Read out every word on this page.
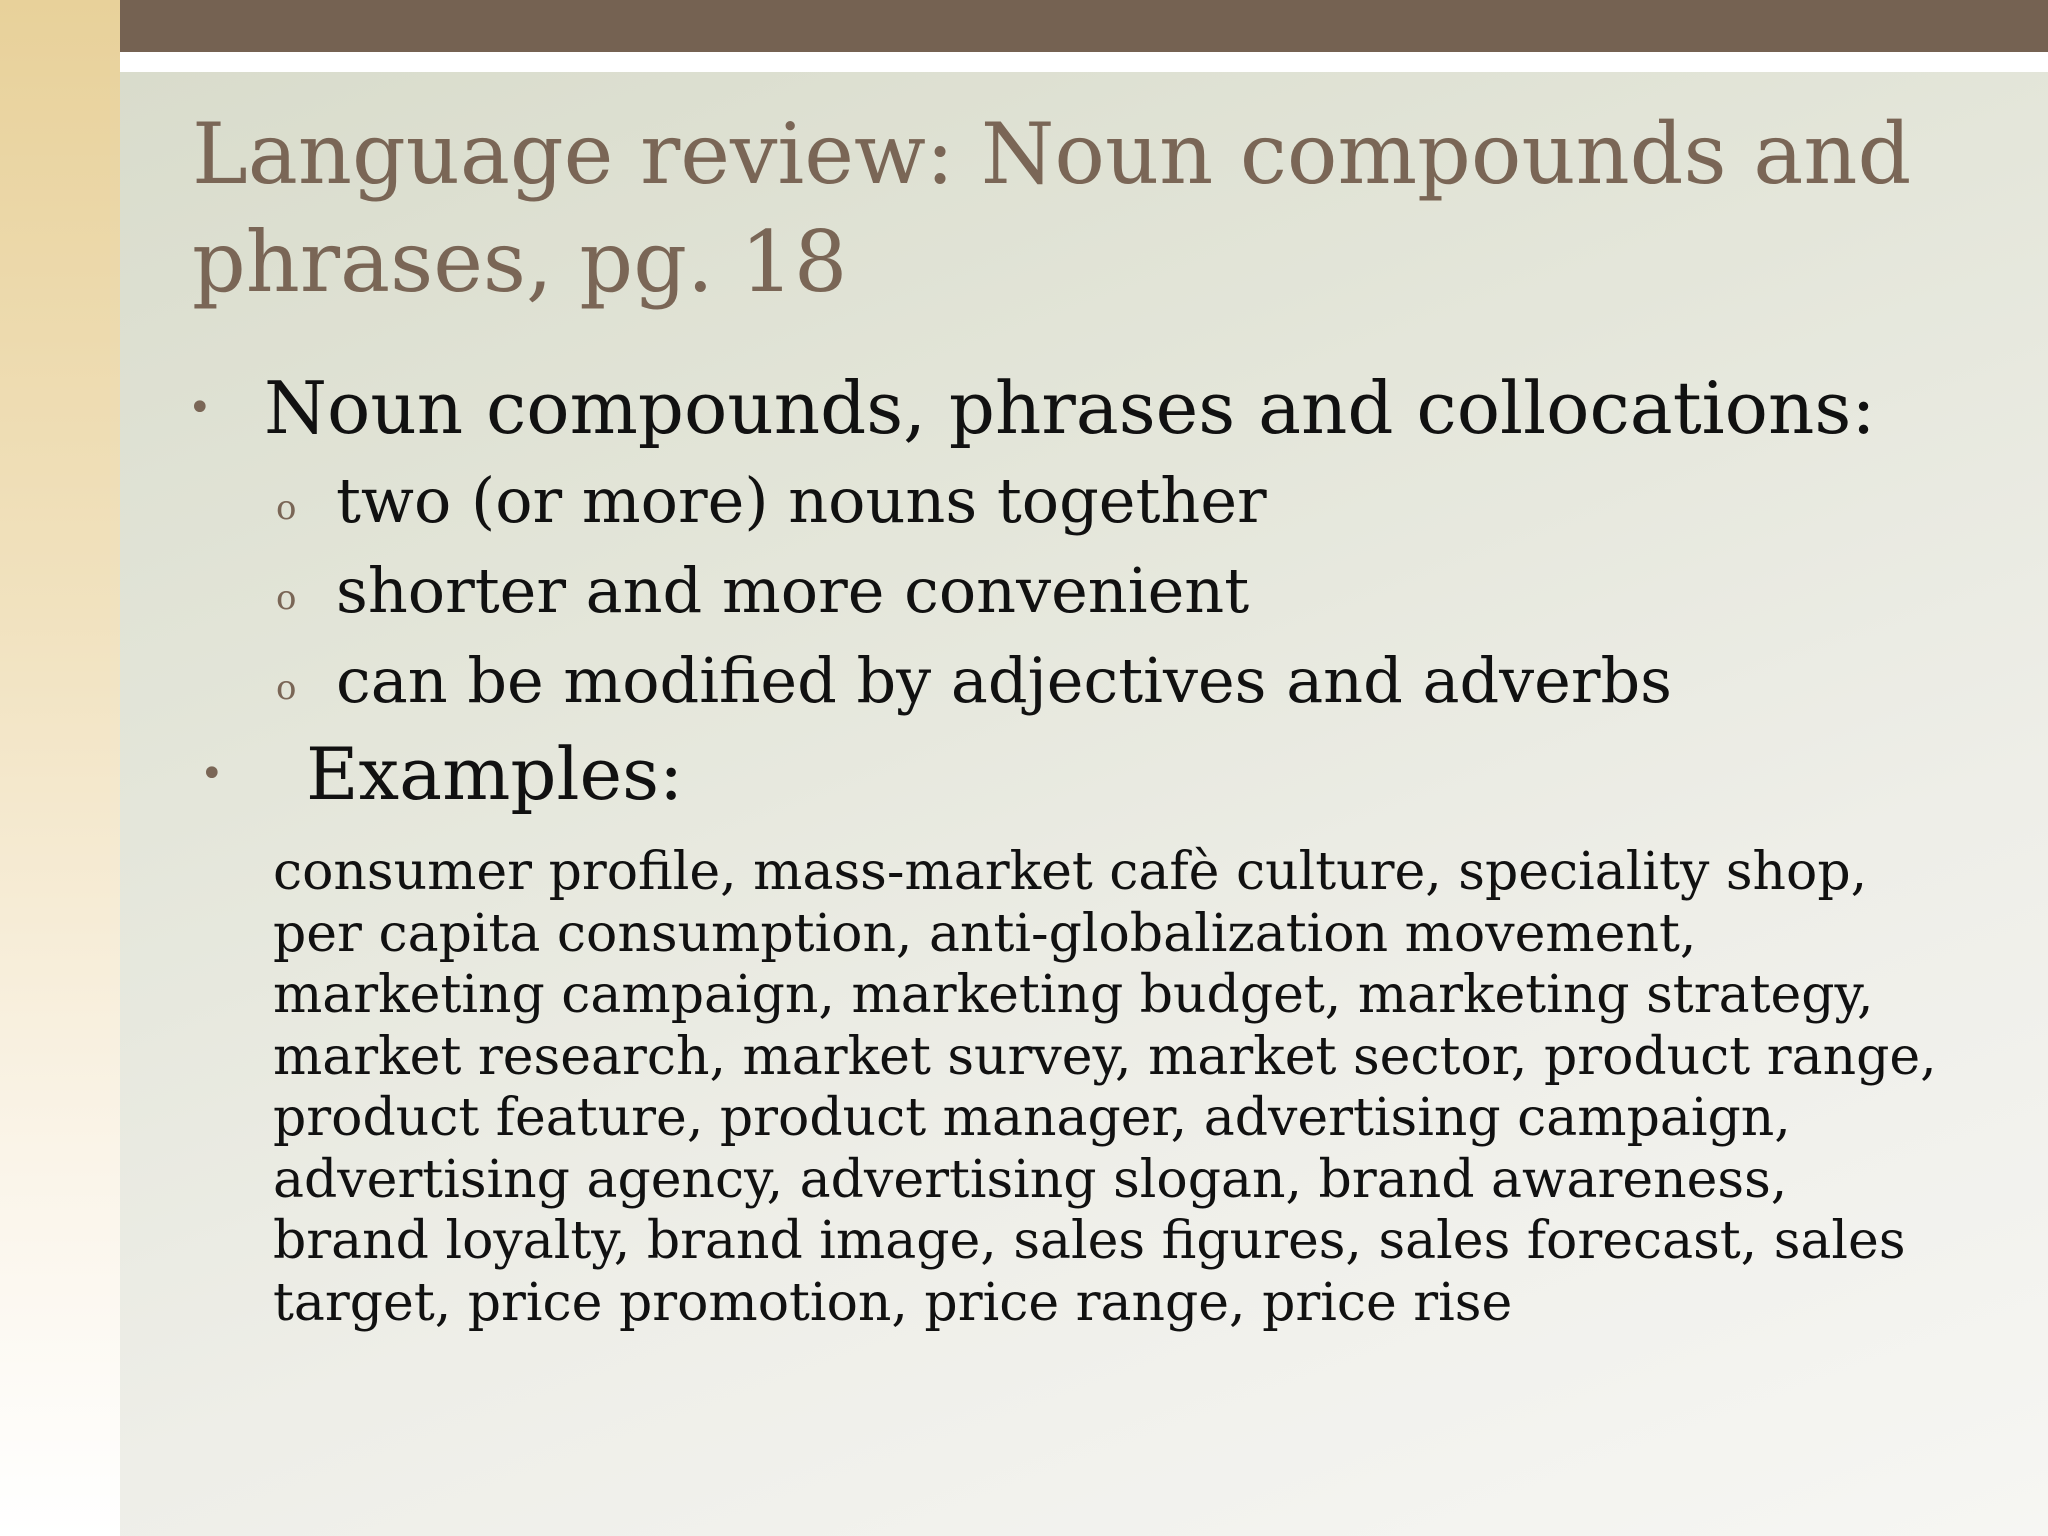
Language review: Noun compounds and phrases, pg. 18
• Noun compounds, phrases and collocations:
o two (or more) nouns together
o shorter and more convenient
o can be modified by adjectives and adverbs
• Examples:

consumer profile, mass-market cafè culture, speciality shop, per capita consumption, anti-globalization movement, marketing campaign, marketing budget, marketing strategy, market research, market survey, market sector, product range, product feature, product manager, advertising campaign, advertising agency, advertising slogan, brand awareness, brand loyalty, brand image, sales figures, sales forecast, sales target, price promotion, price range, price rise
